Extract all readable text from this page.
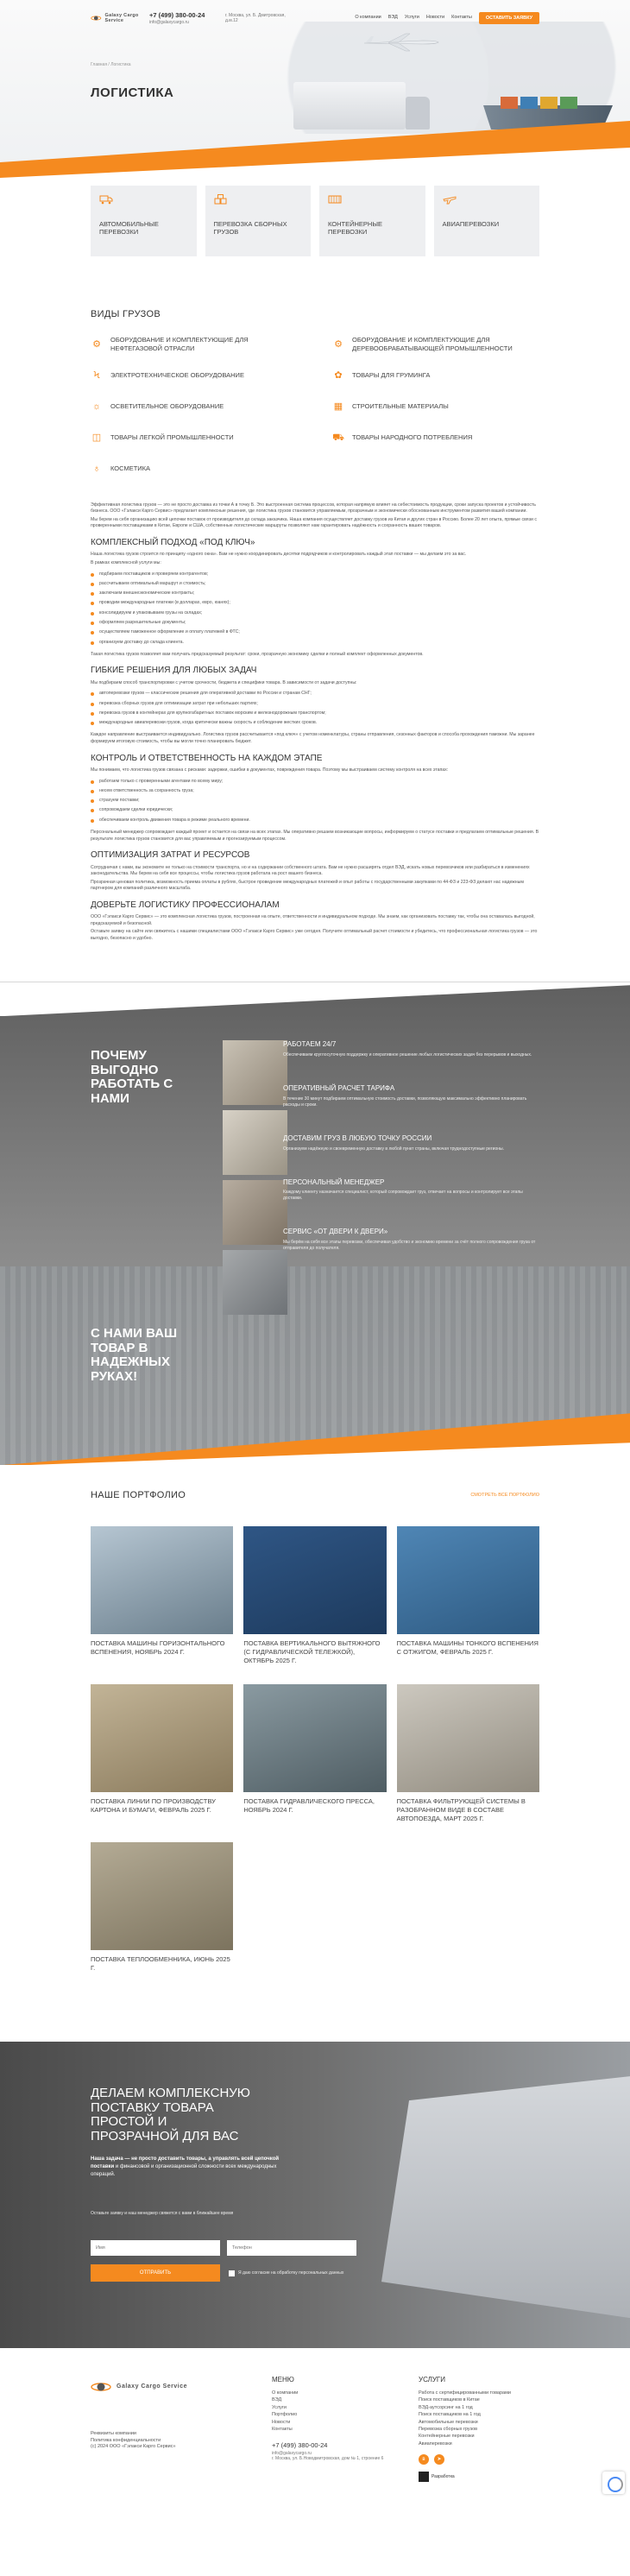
Galaxy Cargo Service
+7 (499) 380-00-24
info@galaxycargo.ru
г. Москва, ул. Б. Дмитровская, д.м.12
О компании ВЭД Услуги Новости Контакты	ОСТАВИТЬ ЗАЯВКУ
Главная / Логистика
ЛОГИСТИКА
АВТОМОБИЛЬНЫЕ ПЕРЕВОЗКИ
ПЕРЕВОЗКА СБОРНЫХ ГРУЗОВ
КОНТЕЙНЕРНЫЕ ПЕРЕВОЗКИ
АВИАПЕРЕВОЗКИ
ВИДЫ ГРУЗОВ
⚙ ОБОРУДОВАНИЕ И КОМПЛЕКТУЮЩИЕ ДЛЯ НЕФТЕГАЗОВОЙ ОТРАСЛИ	⚙ ОБОРУДОВАНИЕ И КОМПЛЕКТУЮЩИЕ ДЛЯ ДЕРЕВООБРАБАТЫВАЮЩЕЙ ПРОМЫШЛЕННОСТИ
Ϟ	ЭЛЕКТРОТЕХНИЧЕСКОЕ ОБОРУДОВАНИЕ	✿	ТОВАРЫ ДЛЯ ГРУМИНГА
☼ ОСВЕТИТЕЛЬНОЕ ОБОРУДОВАНИЕ	▦ СТРОИТЕЛЬНЫЕ МАТЕРИАЛЫ
◫ ТОВАРЫ ЛЕГКОЙ ПРОМЫШЛЕННОСТИ	⛟ ТОВАРЫ НАРОДНОГО ПОТРЕБЛЕНИЯ
♁	КОСМЕТИКА

Эффективная логистика грузов — это не просто доставка из точки А в точку Б. Это выстроенная система процессов, которая напрямую влияет на себестоимость продукции, сроки запуска проектов и устойчивость бизнеса. ООО «Гэлакси Карго Сервис» предлагает комплексные решения, где логистика грузов становится управляемым, прозрачным и экономически обоснованным инструментом развития вашей компании.

Мы берем на себя организацию всей цепочки поставок от производителя до склада заказчика. Наша компания осуществляет доставку грузов из Китая и других стран в Россию. Более 20 лет опыта, прямые связи с проверенными поставщиками в Китае, Европе и США, собственные логистические маршруты позволяют нам гарантировать надёжность и сохранность ваших товаров.

КОМПЛЕКСНЫЙ ПОДХОД «ПОД КЛЮЧ»

Наша логистика грузов строится по принципу «одного окна». Вам не нужно координировать десятки подрядчиков и контролировать каждый этап поставки — мы делаем это за вас.

В рамках комплексной услуги мы:

подбираем поставщиков и проверяем контрагентов;
рассчитываем оптимальный маршрут и стоимость;
заключаем внешнеэкономические контракты;
проводим международные платежи (в долларах, евро, юанях);
консолидируем и упаковываем грузы на складах;
оформляем разрешительные документы;
осуществляем таможенное оформление и оплату платежей в ФТС;
организуем доставку до склада клиента.

Такая логистика грузов позволяет вам получать предсказуемый результат: сроки, прозрачную экономику сделки и полный комплект оформленных документов.

ГИБКИЕ РЕШЕНИЯ ДЛЯ ЛЮБЫХ ЗАДАЧ

Мы подбираем способ транспортировки с учетом срочности, бюджета и специфики товара. В зависимости от задачи доступны:

автоперевозки грузов — классические решения для оперативной доставки по России и странам СНГ;
перевозка сборных грузов для оптимизации затрат при небольших партиях;
перевозка грузов в контейнерах для крупногабаритных поставок морским и железнодорожным транспортом;
международные авиаперевозки грузов, когда критически важны скорость и соблюдение жестких сроков.

Каждое направление выстраивается индивидуально. Логистика грузов рассчитывается «под ключ» с учетом номенклатуры, страны отправления, сезонных факторов и способа прохождения таможни. Мы заранее формируем итоговую стоимость, чтобы вы могли точно планировать бюджет.

КОНТРОЛЬ И ОТВЕТСТВЕННОСТЬ НА КАЖДОМ ЭТАПЕ

Мы понимаем, что логистика грузов связана с рисками: задержки, ошибки в документах, повреждения товара. Поэтому мы выстраиваем систему контроля на всех этапах:

работаем только с проверенными агентами по всему миру;
несем ответственность за сохранность груза;
страхуем поставки;
сопровождаем сделки юридически;
обеспечиваем контроль движения товара в режиме реального времени.

Персональный менеджер сопровождает каждый проект и остается на связи на всех этапах. Мы оперативно решаем возникающие вопросы, информируем о статусе поставки и предлагаем оптимальные решения. В результате логистика грузов становится для вас управляемым и прогнозируемым процессом.

ОПТИМИЗАЦИЯ ЗАТРАТ И РЕСУРСОВ

Сотрудничая с нами, вы экономите не только на стоимости транспорта, но и на содержании собственного штата. Вам не нужно расширять отдел ВЭД, искать новых перевозчиков или разбираться в изменениях законодательства. Мы берем на себя все процессы, чтобы логистика грузов работала на рост вашего бизнеса.

Прозрачная ценовая политика, возможность приема оплаты в рублях, быстрое проведение международных платежей и опыт работы с государственными закупками по 44-ФЗ и 223-ФЗ делают нас надежным партнером для компаний различного масштаба.

ДОВЕРЬТЕ ЛОГИСТИКУ ПРОФЕССИОНАЛАМ

ООО «Гэлакси Карго Сервис» — это комплексная логистика грузов, построенная на опыте, ответственности и индивидуальном подходе. Мы знаем, как организовать поставку так, чтобы она оставалась выгодной, предсказуемой и безопасной.

Оставьте заявку на сайте или свяжитесь с нашими специалистами ООО «Гэлакси Карго Сервис» уже сегодня. Получите оптимальный расчет стоимости и убедитесь, что профессиональная логистика грузов — это выгодно, безопасно и удобно.

ПОЧЕМУ ВЫГОДНО РАБОТАТЬ С НАМИ
РАБОТАЕМ 24/7
Обеспечиваем круглосуточную поддержку и оперативное решение любых логистических задач без перерывов и выходных.
ОПЕРАТИВНЫЙ РАСЧЕТ ТАРИФА
В течение 30 минут подбираем оптимальную стоимость доставки, позволяющую максимально эффективно планировать расходы и сроки.
ДОСТАВИМ ГРУЗ В ЛЮБУЮ ТОЧКУ РОССИИ
Организуем надёжную и своевременную доставку в любой пункт страны, включая труднодоступные регионы.
ПЕРСОНАЛЬНЫЙ МЕНЕДЖЕР
Каждому клиенту назначается специалист, который сопровождает груз, отвечает на вопросы и контролирует все этапы доставки.
СЕРВИС «ОТ ДВЕРИ К ДВЕРИ»
Мы берём на себя все этапы перевозки, обеспечивая удобство и экономию времени за счёт полного сопровождения груза от отправителя до получателя.
С НАМИ ВАШ ТОВАР В НАДЕЖНЫХ РУКАХ!
НАШЕ ПОРТФОЛИО	СМОТРЕТЬ ВСЕ ПОРТФОЛИО
ПОСТАВКА МАШИНЫ ГОРИЗОНТАЛЬНОГО ВСПЕНЕНИЯ, НОЯБРЬ 2024 Г.
ПОСТАВКА ВЕРТИКАЛЬНОГО ВЫТЯЖНОГО (С ГИДРАВЛИЧЕСКОЙ ТЕЛЕЖКОЙ), ОКТЯБРЬ 2025 Г.
ПОСТАВКА МАШИНЫ ТОНКОГО ВСПЕНЕНИЯ С ОТЖИГОМ, ФЕВРАЛЬ 2025 Г.
ПОСТАВКА ЛИНИИ ПО ПРОИЗВОДСТВУ КАРТОНА И БУМАГИ, ФЕВРАЛЬ 2025 Г.
ПОСТАВКА ГИДРАВЛИЧЕСКОГО ПРЕССА, НОЯБРЬ 2024 Г.
ПОСТАВКА ФИЛЬТРУЮЩЕЙ СИСТЕМЫ В РАЗОБРАННОМ ВИДЕ В СОСТАВЕ АВТОПОЕЗДА, МАРТ 2025 Г.
ПОСТАВКА ТЕПЛООБМЕННИКА, ИЮНЬ 2025 Г.
ДЕЛАЕМ КОМПЛЕКСНУЮ ПОСТАВКУ ТОВАРА ПРОСТОЙ И ПРОЗРАЧНОЙ ДЛЯ ВАС
Наша задача — не просто доставить товары, а управлять всей цепочкой поставки и финансовой и организационной сложности всех международных операций.
Оставьте заявку и наш менеджер свяжется с вами в ближайшее время
Имя
Телефон
ОТПРАВИТЬ	Я даю согласие на обработку персональных данных
Galaxy Cargo Service
Реквизиты компании
Политика конфиденциальности
(с) 2024 ООО «Гэлакси Карго Сервис»
МЕНЮ
О компании
ВЭД
Услуги
Портфолио
Новости
Контакты
+7 (499) 380-00-24
info@galaxycargo.ru
г. Москва, ул. Б.Новодмитровская, дом № 1, строение 6
УСЛУГИ
Работа с сертифицированными товарами
Поиск поставщиков в Китае
ВЭД-аутсорсинг на 1 год
Поиск поставщиков на 1 год
Автомобильные перевозки
Перевозка сборных грузов
Контейнерные перевозки
Авиаперевозки
в	➤
Разработка
